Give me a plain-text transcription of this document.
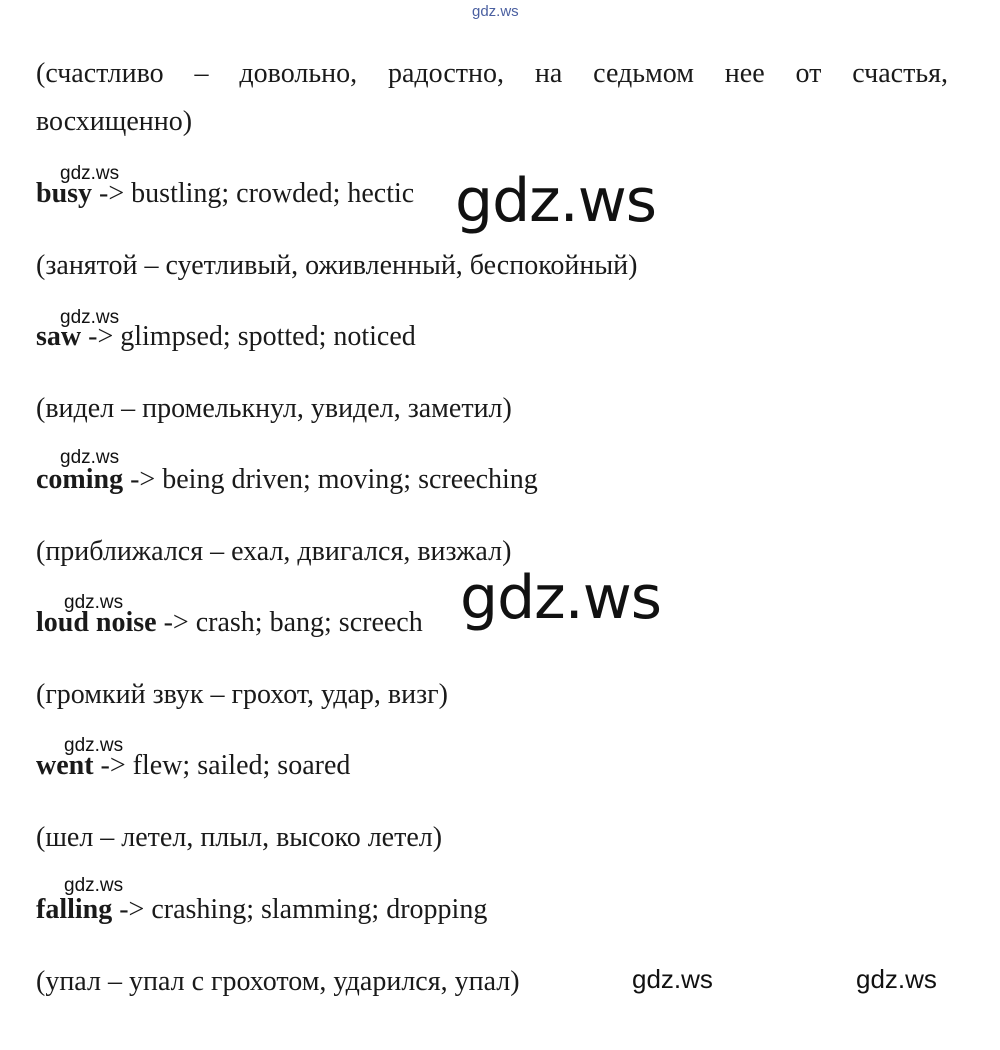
gdz.ws
(счастливо – довольно, радостно, на седьмом нее от счастья,
восхищенно)
gdz.ws
busy -> bustling; crowded; hectic
(занятой – суетливый, оживленный, беспокойный)
gdz.ws
gdz.ws
saw -> glimpsed; spotted; noticed
(видел – промелькнул, увидел, заметил)
gdz.ws
coming -> being driven; moving; screeching
(приближался – ехал, двигался, визжал)
gdz.ws
gdz.ws
loud noise -> crash; bang; screech
(громкий звук – грохот, удар, визг)
gdz.ws
went -> flew; sailed; soared
(шел – летел, плыл, высоко летел)
gdz.ws
falling -> crashing; slamming; dropping
(упал – упал с грохотом, ударился, упал)	gdz.ws	gdz.ws
